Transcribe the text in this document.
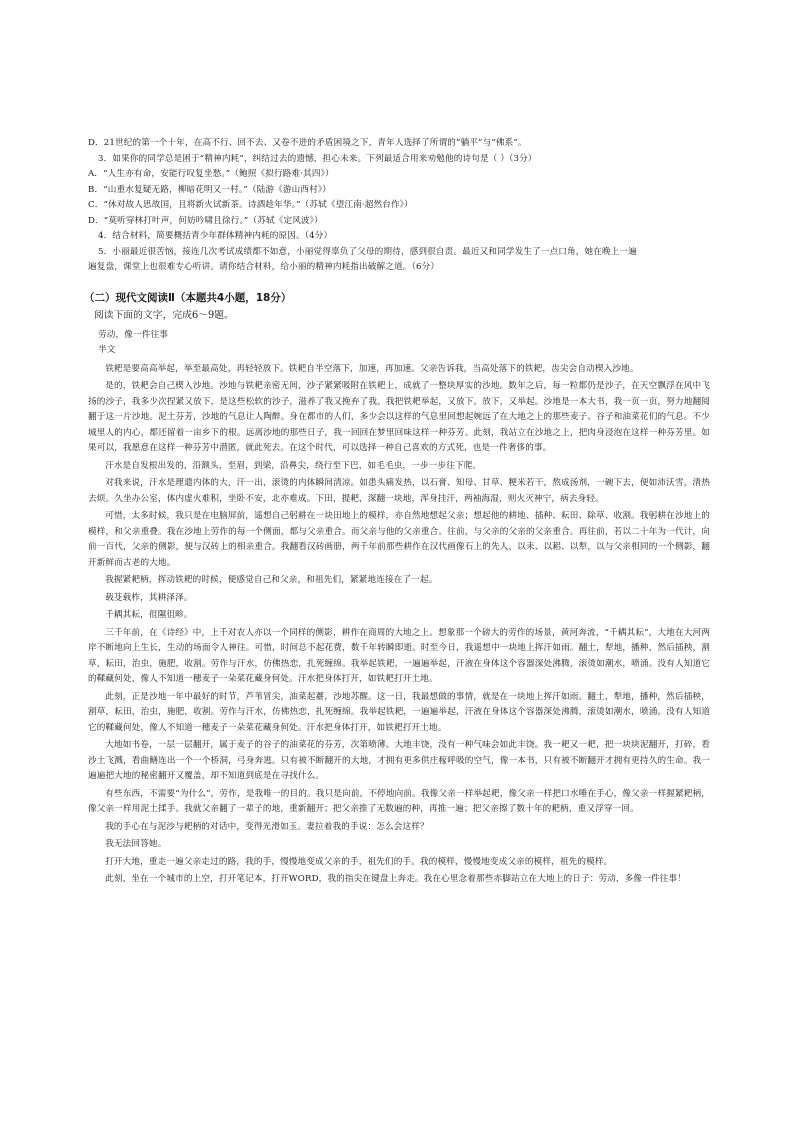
D．21世纪的第一个十年，在高不行、回不去、又卷不进的矛盾困境之下，青年人选择了所谓的“躺平”与“佛系”。

3．如果你的同学总是困于“精神内耗”，纠结过去的遗憾，担心未来。下列最适合用来劝勉他的诗句是（ ）（3分）

A．“人生亦有命，安能行叹复坐愁。”（鲍照《拟行路难·其四》）

B．“山重水复疑无路，柳暗花明又一村。”（陆游《游山西村》）

C．“休对故人思故国，且将新火试新茶。诗酒趁年华。”（苏轼《望江南·超然台作》）

D．“莫听穿林打叶声，何妨吟啸且徐行。”（苏轼《定风波》）

4．结合材料，简要概括青少年群体精神内耗的原因。（4分）

5．小丽最近很苦恼，接连几次考试成绩都不如意，小丽觉得辜负了父母的期待，感到很自责。最近又和同学发生了一点口角，她在晚上一遍

遍复盘，课堂上也很难专心听讲。请你结合材料，给小丽的精神内耗指出破解之道。（6分）

（二）现代文阅读Ⅱ（本题共4小题，18分）
阅读下面的文字，完成6～9题。

劳动，像一件往事

半文

铁耙是要高高举起，举至最高处，再轻轻放下。铁耙自半空落下，加速，再加速。父亲告诉我，当高处落下的铁耙，齿尖会自动楔入沙地。

是的，铁耙会自己楔入沙地。沙地与铁耙亲密无间，沙子紧紧吸附在铁耙上，成就了一整块厚实的沙地。数年之后，每一粒都仍是沙子，在天空飘浮在风中飞扬的沙子，我多少次捏紧又放下，是这些松软的沙子，滋养了我又挽弃了我。我把铁耙举起，又放下。放下，又举起。沙地是一本大书，我一页一页，努力地翻阅翻于这一片沙地。泥土芬芳，沙地的气息让人陶醉。身在都市的人们，多少会以这样的气息里回想起婉远了在大地之上的那些麦子、谷子和油菜花们的气息。不少城里人的内心，都还留着一亩乡下的根。远离沙地的那些日子，我一回回在梦里回味这样一种芬芳。此刻，我站立在沙地之上，把肉身浸泡在这样一种芬芳里。如果可以，我愿意在这样一种芬芳中潜匿，就此死去。在这个时代，可以选择一种自己喜欢的方式死，也是一件奢侈的事。

汗水是自发根出发的，沿额头，至眉，到梁，沿鼻尖，绕行至下巴，如毛毛虫，一步一步往下爬。

对我来说，汗水是理遣内体的大，汗一出，滚烫的内体瞬间清凉。如患头痛发热，以石膏、知母、甘草、粳米若干，熬成汤剂，一碗下去，便如沛沃雪，清热去烦。久坐办公室，体内虚火难积，坐卧不安，北亦难成。下田，提耙，深翻一块地，浑身挂汗，两袖海湿，则火灭神宁，病去身轻。

可惜，太多时候，我只是在电脑屏前，遥想自己躬耕在一块田地上的模样，亦自然地想起父亲；想起他的耕地、插种、耘田、除草、收割。我躬耕在沙地上的模样，和父亲重叠。我在沙地上劳作的每一个侧面，都与父亲重合。而父亲与他的父亲重合。往前，与父亲的父亲的父亲重合。再往前，若以二十年为一代计，向前一百代，父亲的侧影，便与汉砖上的相亲重合。我翻看汉砖画册，两千年前那些耕作在汉代画像石上的先人，以耒、以耜、以犁，以与父亲相同的一个侧影，翻开新鲜而古老的大地。

我握紧耙柄，挥动铁耙的时候，便感觉自己和父亲，和祖先们，紧紧地连接在了一起。

载芟载柞，其耕泽泽。

千耦其耘，徂隰徂畛。

三千年前，在《诗经》中，上千对农人亦以一个同样的侧影，耕作在商周的大地之上。想象那一个磅大的劳作的场景，黄河奔流，“千耦其耘”，大地在大河两岸不断地向上生长，生动的场面令人神往。可惜，时间总不起花费，数千年转瞬即逝。时至今日，我遥想中一块地上挥汗如雨。翻土，犁地，播种，然后插秧，割草，耘田，治虫，施肥，收割。劳作与汗水，仿佛热恋，扎死缠绵。我举起铁耙，一遍遍举起，汗液在身体这个容器深处沸腾，滚烫如潮水，喷涌。没有人知道它的鞣藏何处，像人不知道一穗麦子一朵菜花藏身何处。汗水把身体打开，如铁耙打开土地。

此刻，正是沙地一年中最好的时节，芦苇冒尖，油菜起薹，沙地苏醒。这一日，我最想做的事情，就是在一块地上挥汗如雨。翻土，犁地，播种，然后插秧，割草，耘田，治虫，施肥，收割。劳作与汗水，仿佛热恋，扎死缠绵。我举起铁耙，一遍遍举起，汗液在身体这个容器深处沸腾，滚烫如潮水，喷涌。没有人知道它的鞣藏何处，像人不知道一穗麦子一朵菜花藏身何处。汗水把身体打开，如铁耙打开土地。

大地如书卷，一层一层翻开，属于麦子的谷子的油菜花的芬芳，次第喷薄。大地丰饶，没有一种气味会如此丰饶。我一耙又一耙，把一块块泥翻开，打碎，看沙土飞溅，看曲鳝连出一个一个桥洞，弓身奔逃。只有被不断翻开的大地，才拥有更多供庄稼呼吸的空气，像一本书，只有被不断翻开才拥有更持久的生命。我一遍遍把大地的秘密翻开又覆盖，却不知道到底是在寻找什么。

有些东西，不需要“为什么”，劳作，是我唯一的目的。我只是向前，不停地向前。我像父亲一样举起耙，像父亲一样把口水唾在手心，像父亲一样握紧耙柄，像父亲一样用泥土揉手。我就父亲翻了一辈子的地，重新翻开；把父亲推了无数遍的种，再推一遍；把父亲擦了数十年的耙柄，重又浮穿一回。

我的手心在与泥沙与耙柄的对话中，变得光滑如玉。妻拉着我的手说：怎么会这样？

我无法回答她。

打开大地，重走一遍父亲走过的路，我的手，慢慢地变成父亲的手，祖先们的手。我的模样，慢慢地变成父亲的模样，祖先的模样。

此刻，坐在一个城市的上空，打开笔记本，打开WORD，我的指尖在键盘上奔走。我在心里念着那些赤脚站立在大地上的日子：劳动，多像一件往事！
